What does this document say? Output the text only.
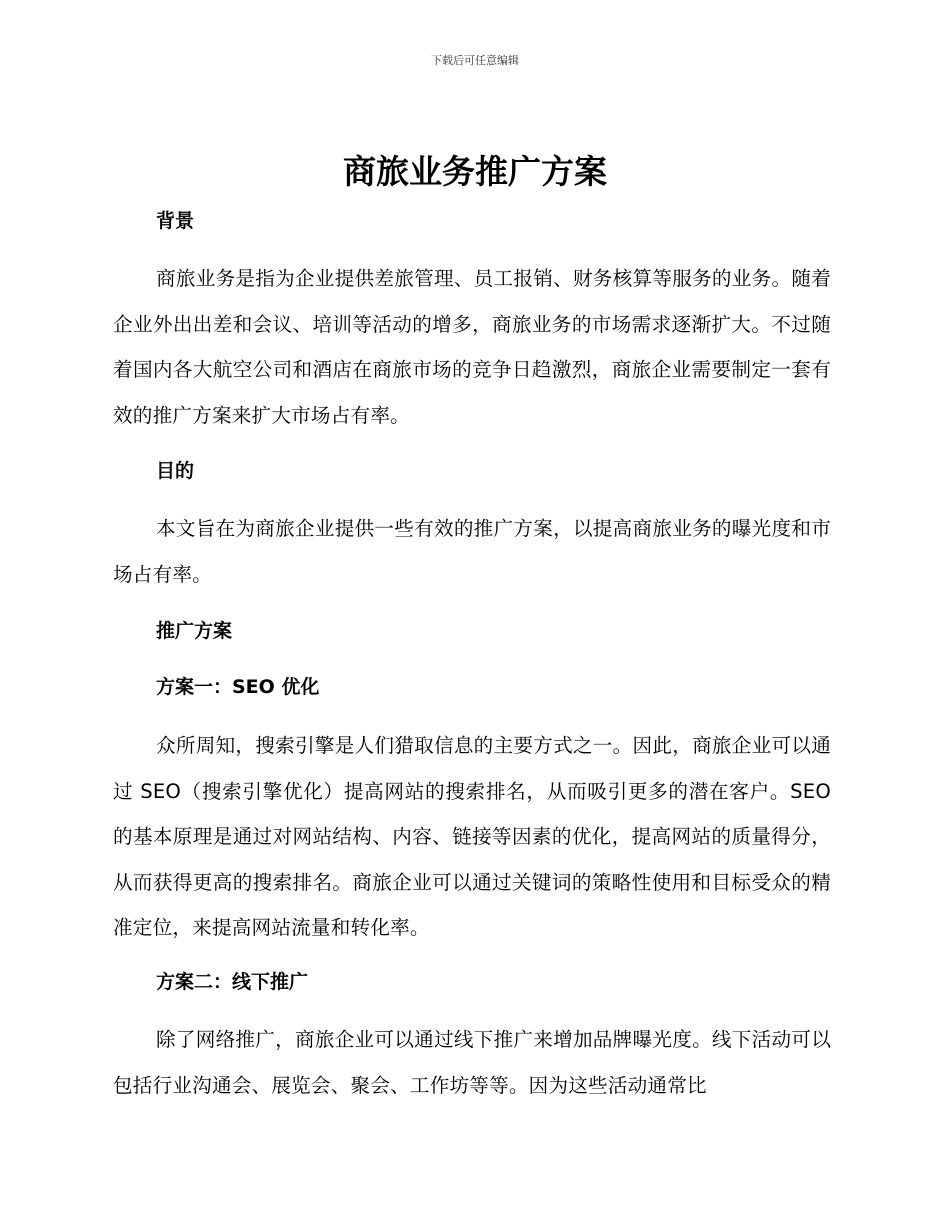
下载后可任意编辑
商旅业务推广方案
背景

商旅业务是指为企业提供差旅管理、员工报销、财务核算等服务的业务。随着企业外出出差和会议、培训等活动的增多，商旅业务的市场需求逐渐扩大。不过随着国内各大航空公司和酒店在商旅市场的竞争日趋激烈，商旅企业需要制定一套有效的推广方案来扩大市场占有率。

目的

本文旨在为商旅企业提供一些有效的推广方案，以提高商旅业务的曝光度和市场占有率。

推广方案
方案一：SEO 优化

众所周知，搜索引擎是人们猎取信息的主要方式之一。因此，商旅企业可以通过 SEO（搜索引擎优化）提高网站的搜索排名，从而吸引更多的潜在客户。SEO 的基本原理是通过对网站结构、内容、链接等因素的优化，提高网站的质量得分，从而获得更高的搜索排名。商旅企业可以通过关键词的策略性使用和目标受众的精准定位，来提高网站流量和转化率。

方案二：线下推广

除了网络推广，商旅企业可以通过线下推广来增加品牌曝光度。线下活动可以包括行业沟通会、展览会、聚会、工作坊等等。因为这些活动通常比
